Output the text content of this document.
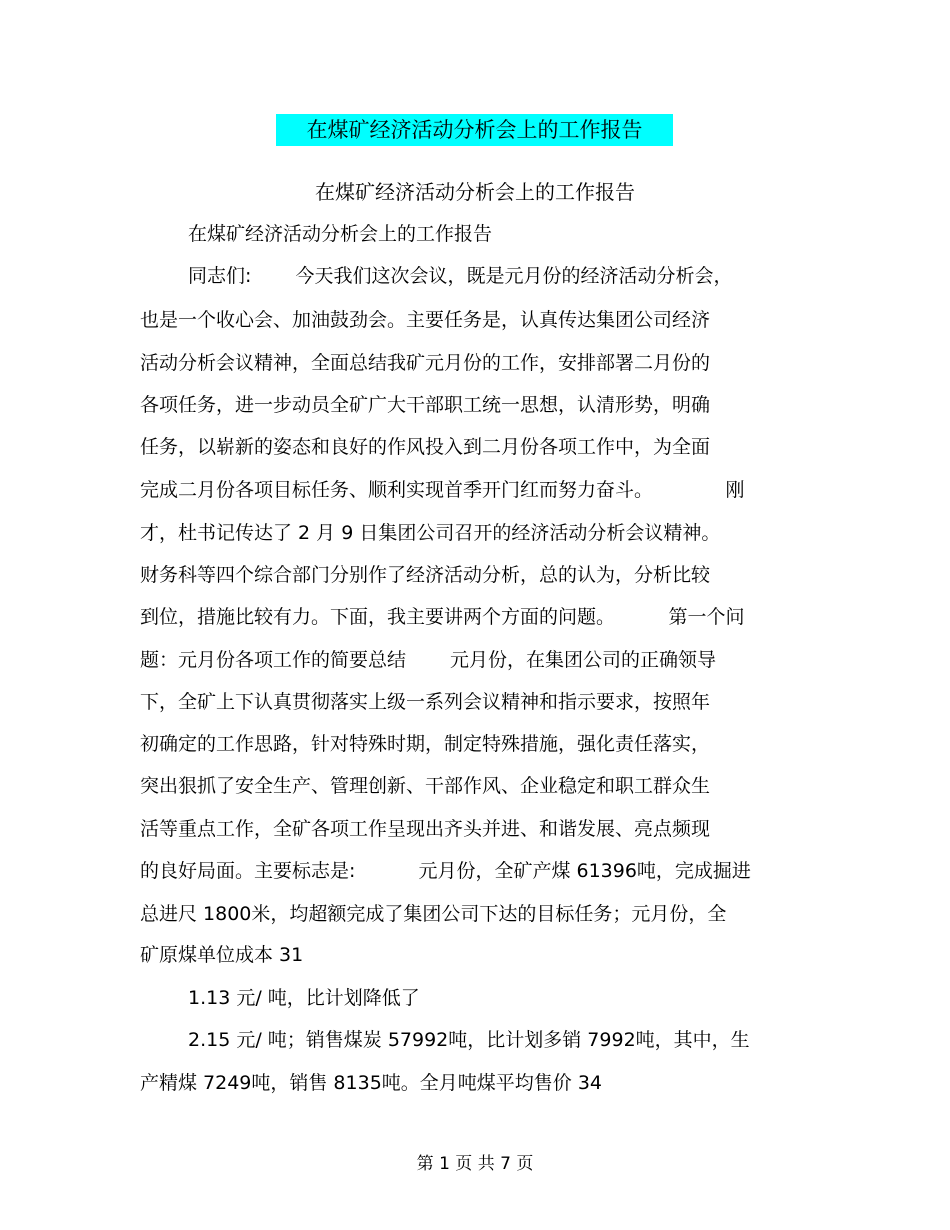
在煤矿经济活动分析会上的工作报告
在煤矿经济活动分析会上的工作报告
在煤矿经济活动分析会上的工作报告
同志们:　　 今天我们这次会议，既是元月份的经济活动分析会，
也是一个收心会、加油鼓劲会。主要任务是，认真传达集团公司经济
活动分析会议精神，全面总结我矿元月份的工作，安排部署二月份的
各项任务，进一步动员全矿广大干部职工统一思想，认清形势，明确
任务，以崭新的姿态和良好的作风投入到二月份各项工作中，为全面
完成二月份各项目标任务、顺利实现首季开门红而努力奋斗。　　　　 刚
才，杜书记传达了 2 月 9 日集团公司召开的经济活动分析会议精神。
财务科等四个综合部门分别作了经济活动分析，总的认为，分析比较
到位，措施比较有力。下面，我主要讲两个方面的问题。　　　 第一个问
题：元月份各项工作的简要总结　　 元月份，在集团公司的正确领导
下，全矿上下认真贯彻落实上级一系列会议精神和指示要求，按照年
初确定的工作思路，针对特殊时期，制定特殊措施，强化责任落实，
突出狠抓了安全生产、管理创新、干部作风、企业稳定和职工群众生
活等重点工作，全矿各项工作呈现出齐头并进、和谐发展、亮点频现
的良好局面。主要标志是:　　　 元月份，全矿产煤 61396吨，完成掘进
总进尺 1800米，均超额完成了集团公司下达的目标任务；元月份，全
矿原煤单位成本 31
1.13 元/ 吨，比计划降低了
2.15 元/ 吨；销售煤炭 57992吨，比计划多销 7992吨，其中，生
产精煤 7249吨，销售 8135吨。全月吨煤平均售价 34
第 1 页 共 7 页
